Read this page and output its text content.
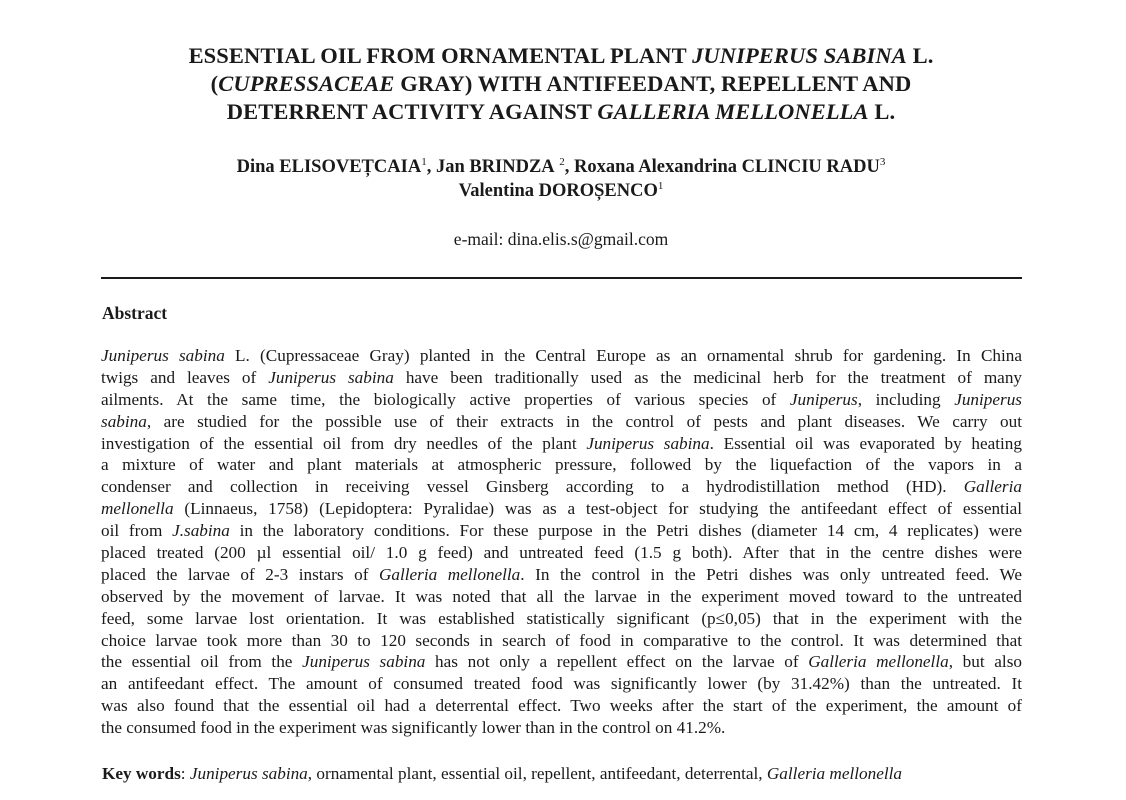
ESSENTIAL OIL FROM ORNAMENTAL PLANT JUNIPERUS SABINA L.
(CUPRESSACEAE GRAY) WITH ANTIFEEDANT, REPELLENT AND
DETERRENT ACTIVITY AGAINST GALLERIA MELLONELLA L.
Dina ELISOVEȚCAIA$^1$, Jan BRINDZA $^2$, Roxana Alexandrina CLINCIU RADU$^3$
Valentina DOROȘENCO$^1$
e-mail: dina.elis.s@gmail.com
Abstract
Juniperus sabina L. (Cupressaceae Gray) planted in the Central Europe as an ornamental shrub for gardening. In China
twigs and leaves of Juniperus sabina have been traditionally used as the medicinal herb for the treatment of many
ailments. At the same time, the biologically active properties of various species of Juniperus, including Juniperus
sabina, are studied for the possible use of their extracts in the control of pests and plant diseases. We carry out
investigation of the essential oil from dry needles of the plant Juniperus sabina. Essential oil was evaporated by heating
a mixture of water and plant materials at atmospheric pressure, followed by the liquefaction of the vapors in a
condenser and collection in receiving vessel Ginsberg according to a hydrodistillation method (HD). Galleria
mellonella (Linnaeus, 1758) (Lepidoptera: Pyralidae) was as a test-object for studying the antifeedant effect of essential
oil from J.sabina in the laboratory conditions. For these purpose in the Petri dishes (diameter 14 cm, 4 replicates) were
placed treated (200 µl essential oil/ 1.0 g feed) and untreated feed (1.5 g both). After that in the centre dishes were
placed the larvae of 2-3 instars of Galleria mellonella. In the control in the Petri dishes was only untreated feed. We
observed by the movement of larvae. It was noted that all the larvae in the experiment moved toward to the untreated
feed, some larvae lost orientation. It was established statistically significant (p≤0,05) that in the experiment with the
choice larvae took more than 30 to 120 seconds in search of food in comparative to the control. It was determined that
the essential oil from the Juniperus sabina has not only a repellent effect on the larvae of Galleria mellonella, but also
an antifeedant effect. The amount of consumed treated food was significantly lower (by 31.42%) than the untreated. It
was also found that the essential oil had a deterrental effect. Two weeks after the start of the experiment, the amount of
the consumed food in the experiment was significantly lower than in the control on 41.2%.
Key words: Juniperus sabina, ornamental plant, essential oil, repellent, antifeedant, deterrental, Galleria mellonella
